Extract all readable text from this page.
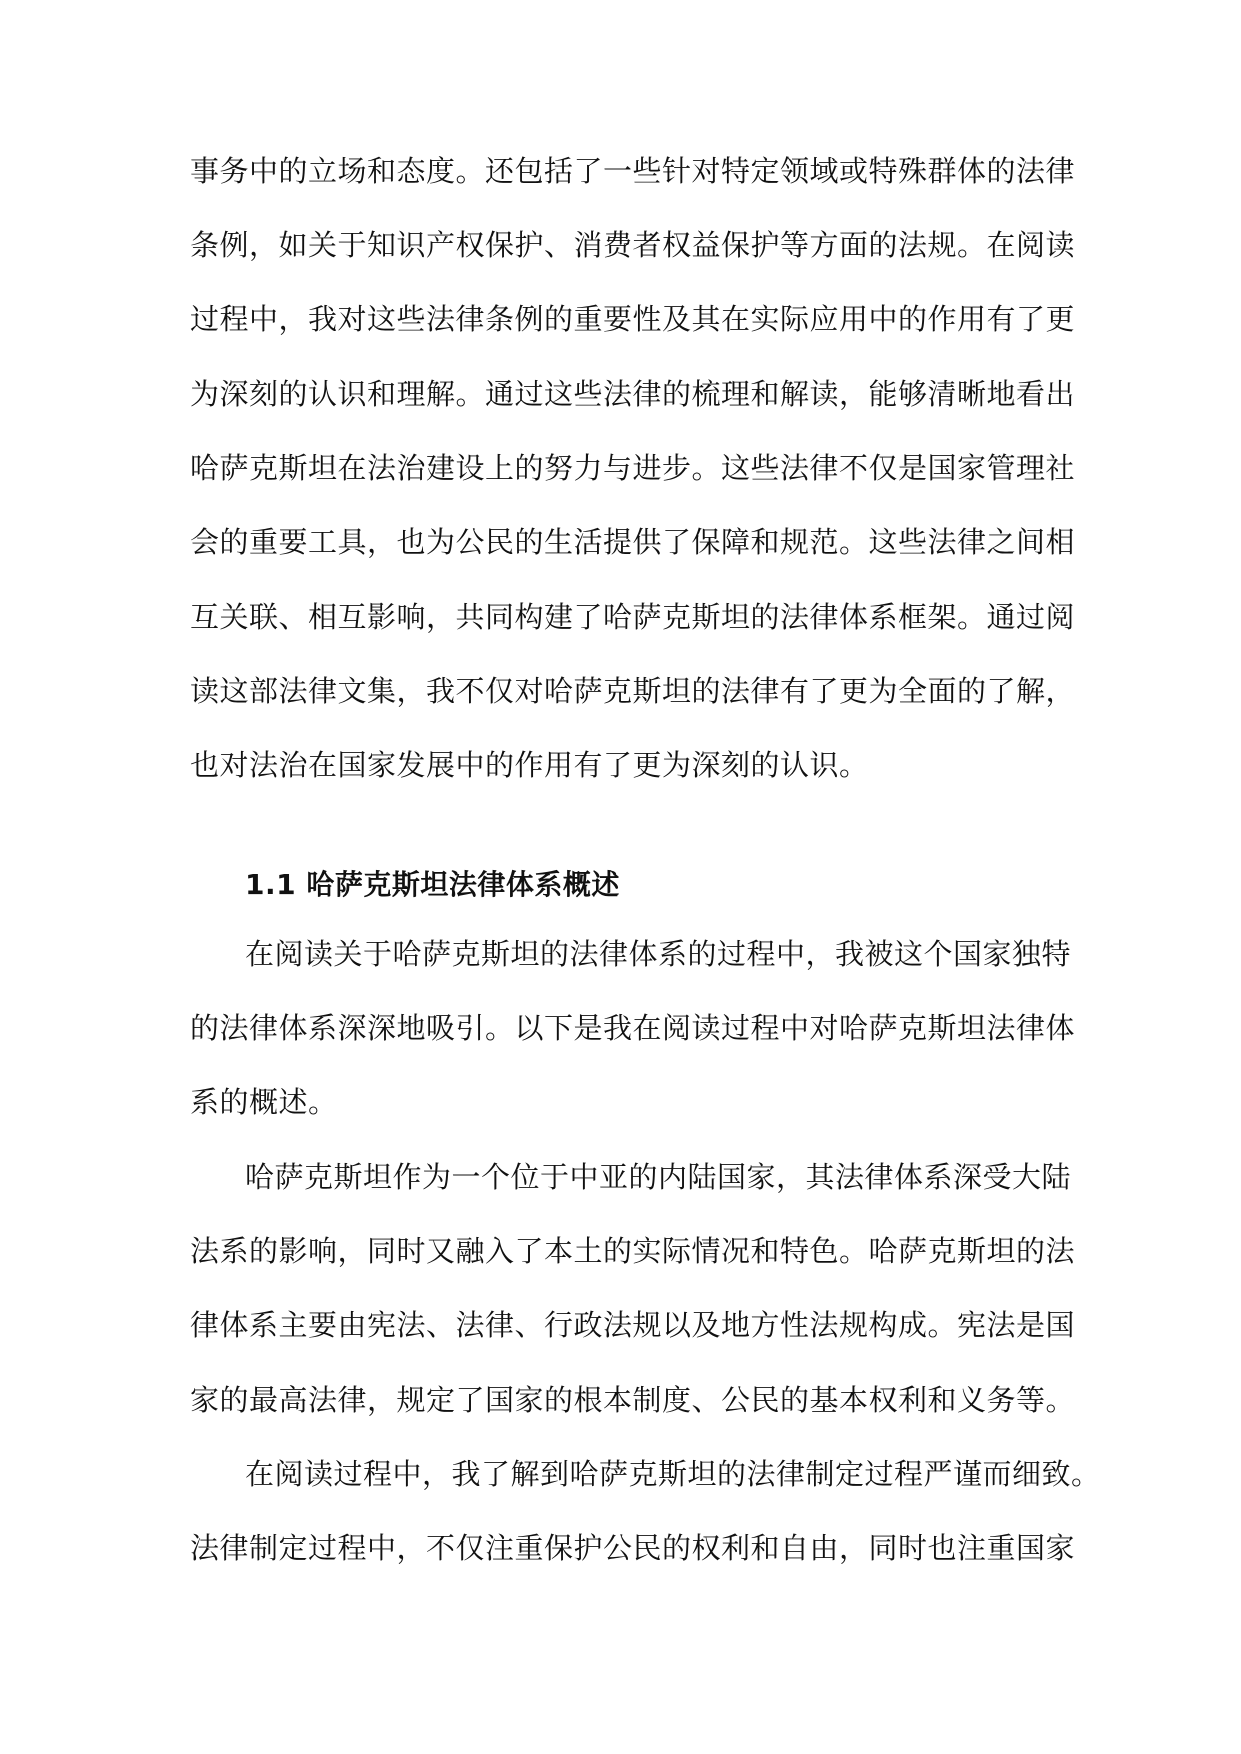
事务中的立场和态度。还包括了一些针对特定领域或特殊群体的法律
条例，如关于知识产权保护、消费者权益保护等方面的法规。在阅读
过程中，我对这些法律条例的重要性及其在实际应用中的作用有了更
为深刻的认识和理解。通过这些法律的梳理和解读，能够清晰地看出
哈萨克斯坦在法治建设上的努力与进步。这些法律不仅是国家管理社
会的重要工具，也为公民的生活提供了保障和规范。这些法律之间相
互关联、相互影响，共同构建了哈萨克斯坦的法律体系框架。通过阅
读这部法律文集，我不仅对哈萨克斯坦的法律有了更为全面的了解，
也对法治在国家发展中的作用有了更为深刻的认识。
1.1 哈萨克斯坦法律体系概述
在阅读关于哈萨克斯坦的法律体系的过程中，我被这个国家独特
的法律体系深深地吸引。以下是我在阅读过程中对哈萨克斯坦法律体
系的概述。
哈萨克斯坦作为一个位于中亚的内陆国家，其法律体系深受大陆
法系的影响，同时又融入了本土的实际情况和特色。哈萨克斯坦的法
律体系主要由宪法、法律、行政法规以及地方性法规构成。宪法是国
家的最高法律，规定了国家的根本制度、公民的基本权利和义务等。
在阅读过程中，我了解到哈萨克斯坦的法律制定过程严谨而细致。
法律制定过程中，不仅注重保护公民的权利和自由，同时也注重国家
